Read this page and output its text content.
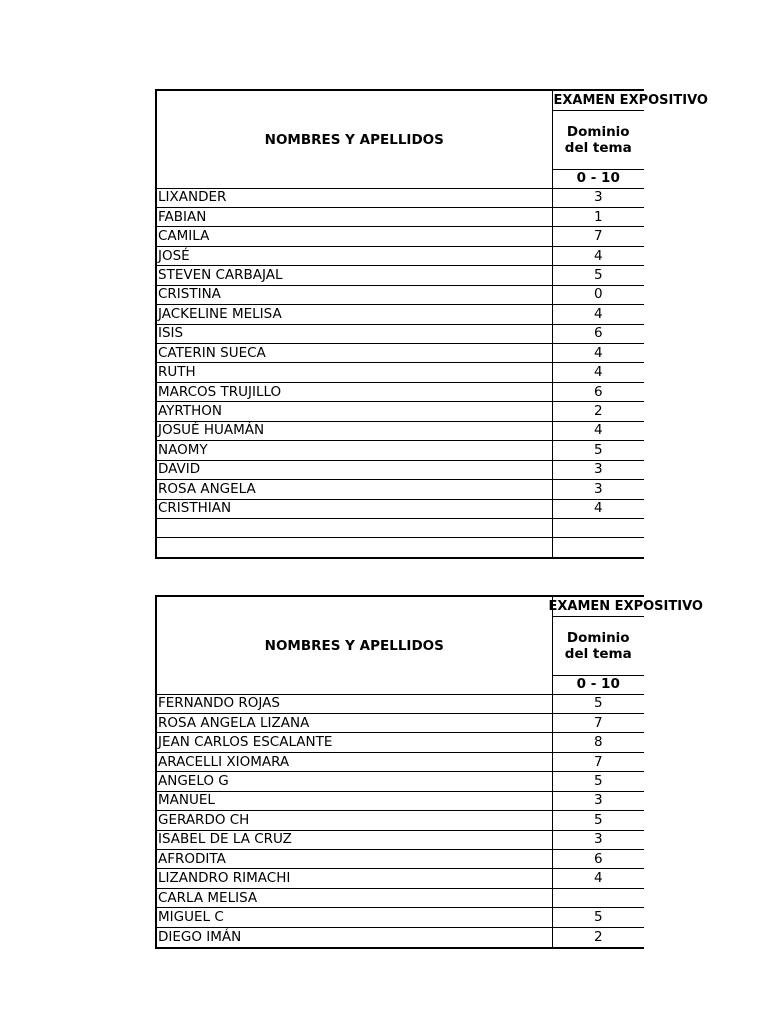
NOMBRES Y APELLIDOS	EXAMEN EXPOSITIVO
	Dominio del tema
	0 - 10
LIXANDER	3
FABIAN	1
CAMILA	7
JOSÉ	4
STEVEN CARBAJAL	5
CRISTINA	0
JACKELINE MELISA	4
ISIS	6
CATERIN SUECA	4
RUTH	4
MARCOS TRUJILLO	6
AYRTHON	2
JOSUÉ HUAMÁN	4
NAOMY	5
DAVID	3
ROSA ANGELA	3
CRISTHIAN	4

NOMBRES Y APELLIDOS	EXAMEN EXPOSITIVO
	Dominio del tema
	0 - 10
FERNANDO ROJAS	5
ROSA ANGELA LIZANA	7
JEAN CARLOS ESCALANTE	8
ARACELLI XIOMARA	7
ANGELO G	5
MANUEL	3
GERARDO CH	5
ISABEL DE LA CRUZ	3
AFRODITA	6
LIZANDRO RIMACHI	4
CARLA MELISA	
MIGUEL C	5
DIEGO IMÁN	2
